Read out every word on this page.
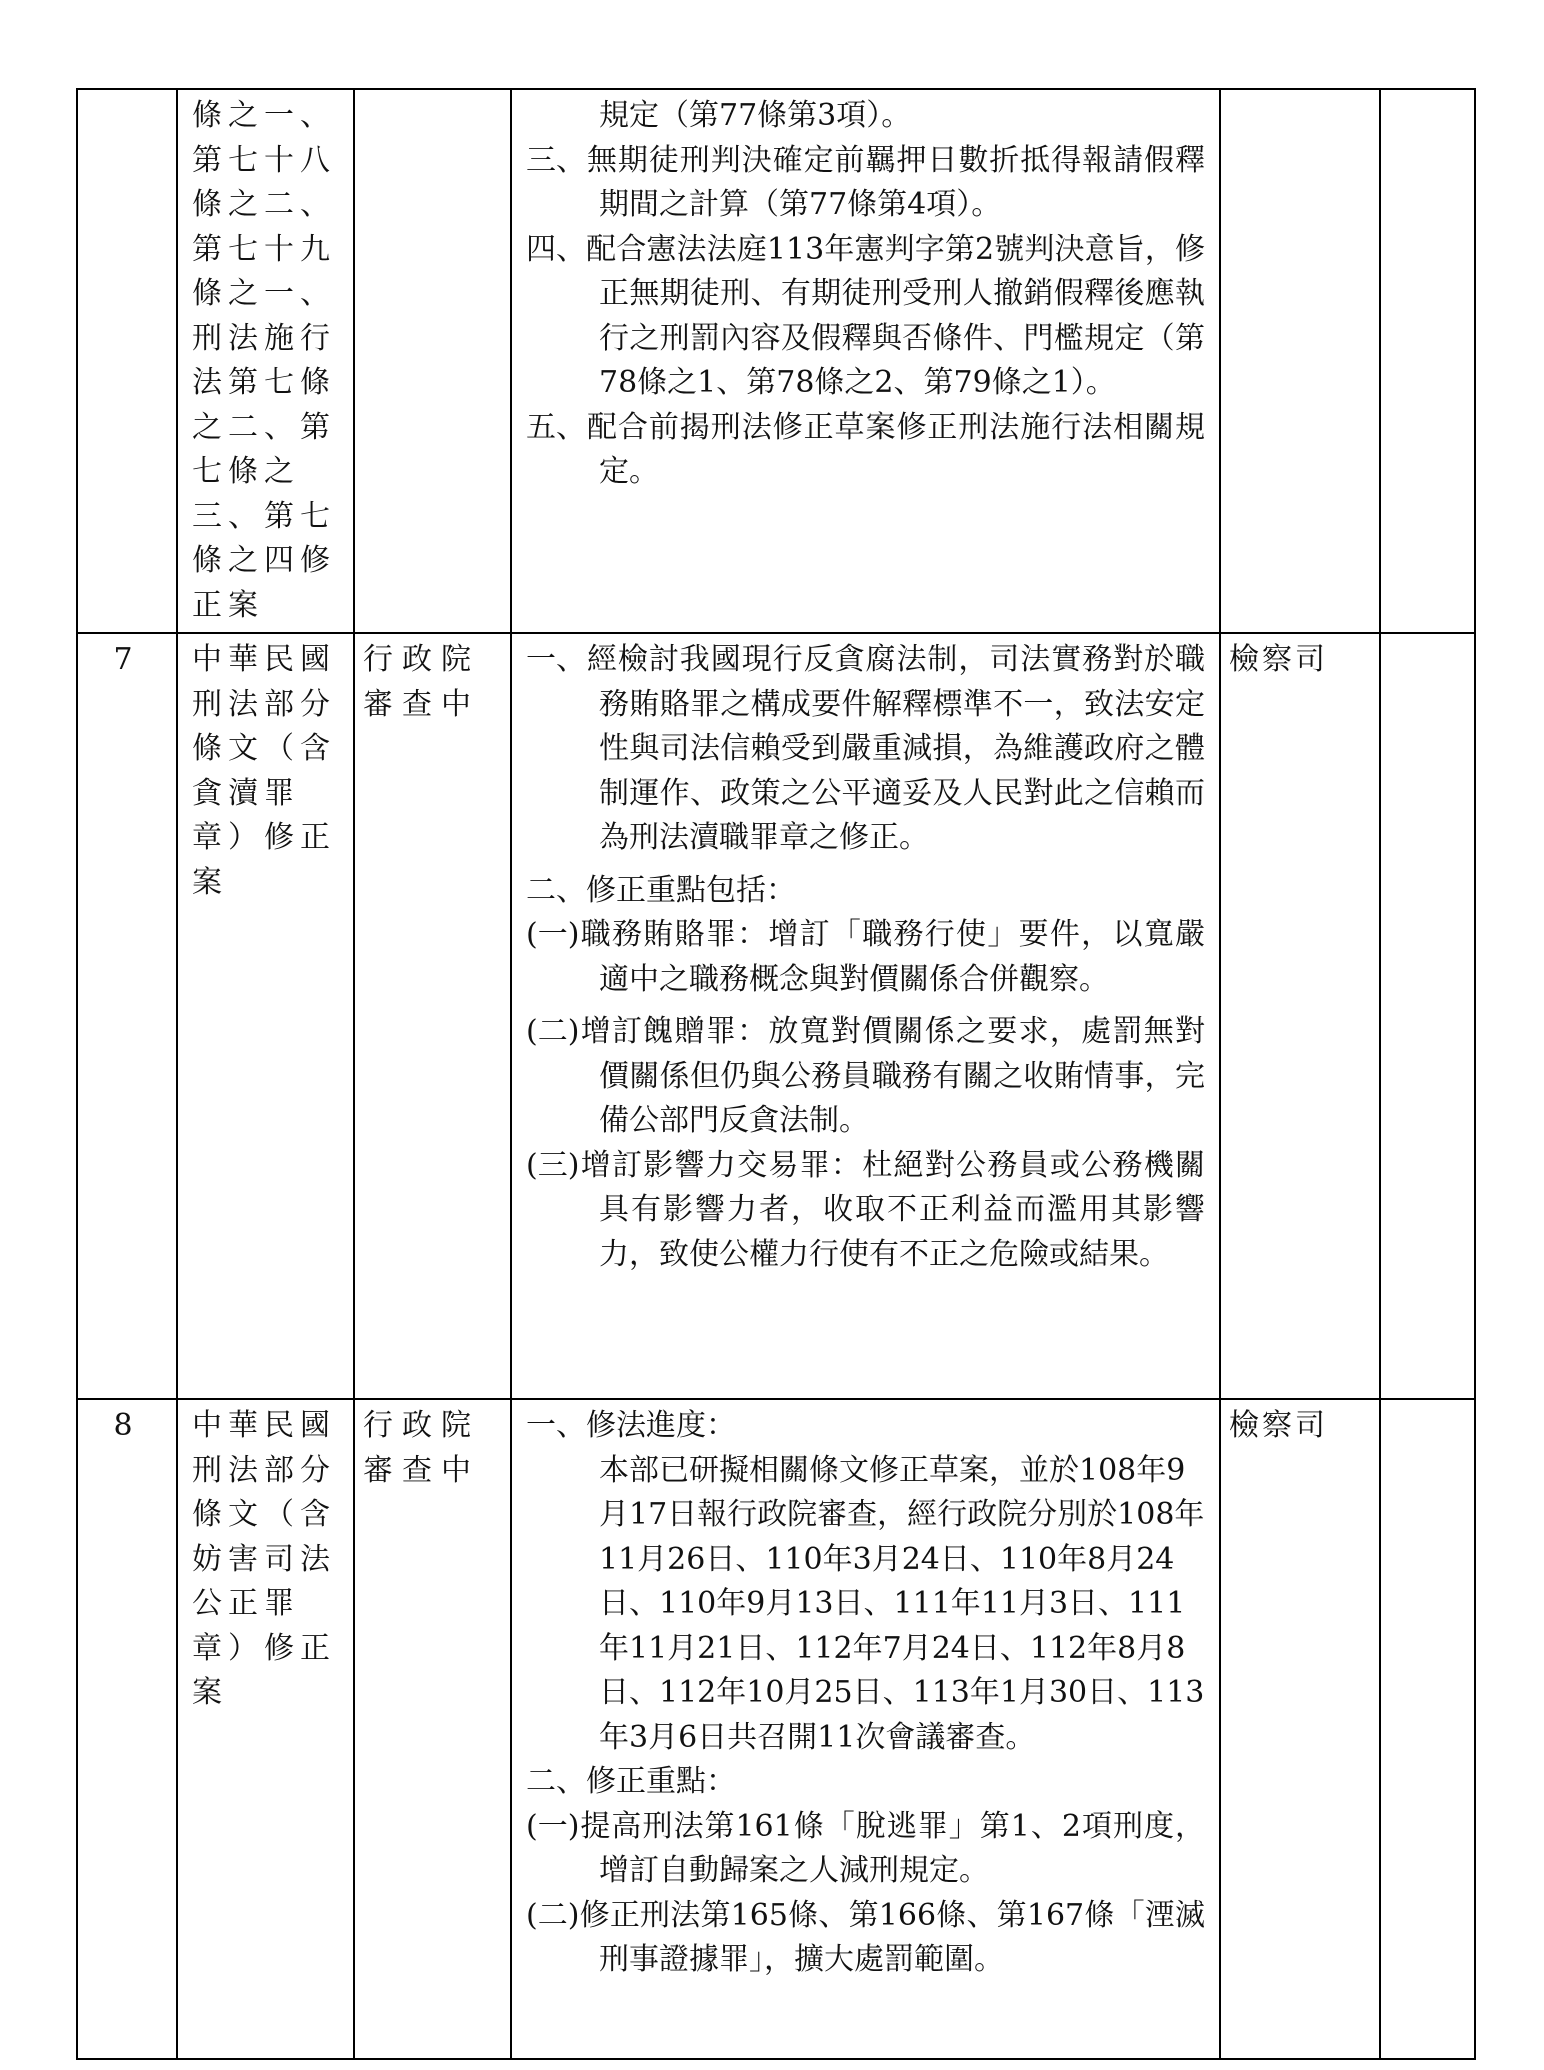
	條之一、第七十八條之二、第七十九條之一、刑法施行法第七條之二、第七條之三、第七條之四修正案		規定（第77條第3項）。
三、無期徒刑判決確定前羈押日數折抵得報請假釋期間之計算（第77條第4項）。
四、配合憲法法庭113年憲判字第2號判決意旨，修正無期徒刑、有期徒刑受刑人撤銷假釋後應執行之刑罰內容及假釋與否條件、門檻規定（第78條之1、第78條之2、第79條之1）。
五、配合前揭刑法修正草案修正刑法施行法相關規定。		

7	中華民國刑法部分條文（含貪瀆罪章）修正案	行政院審查中	一、經檢討我國現行反貪腐法制，司法實務對於職務賄賂罪之構成要件解釋標準不一，致法安定性與司法信賴受到嚴重減損，為維護政府之體制運作、政策之公平適妥及人民對此之信賴而為刑法瀆職罪章之修正。
二、修正重點包括：
(一)職務賄賂罪：增訂「職務行使」要件，以寬嚴適中之職務概念與對價關係合併觀察。
(二)增訂餽贈罪：放寬對價關係之要求，處罰無對價關係但仍與公務員職務有關之收賄情事，完備公部門反貪法制。
(三)增訂影響力交易罪：杜絕對公務員或公務機關具有影響力者，收取不正利益而濫用其影響力，致使公權力行使有不正之危險或結果。	檢察司	
8	中華民國刑法部分條文（含妨害司法公正罪章）修正案	行政院審查中	一、修法進度：
本部已研擬相關條文修正草案，並於108年9月17日報行政院審查，經行政院分別於108年11月26日、110年3月24日、110年8月24日、110年9月13日、111年11月3日、111年11月21日、112年7月24日、112年8月8日、112年10月25日、113年1月30日、113年3月6日共召開11次會議審查。
二、修正重點：
(一)提高刑法第161條「脫逃罪」第1、2項刑度，增訂自動歸案之人減刑規定。
(二)修正刑法第165條、第166條、第167條「湮滅刑事證據罪」，擴大處罰範圍。	檢察司	
